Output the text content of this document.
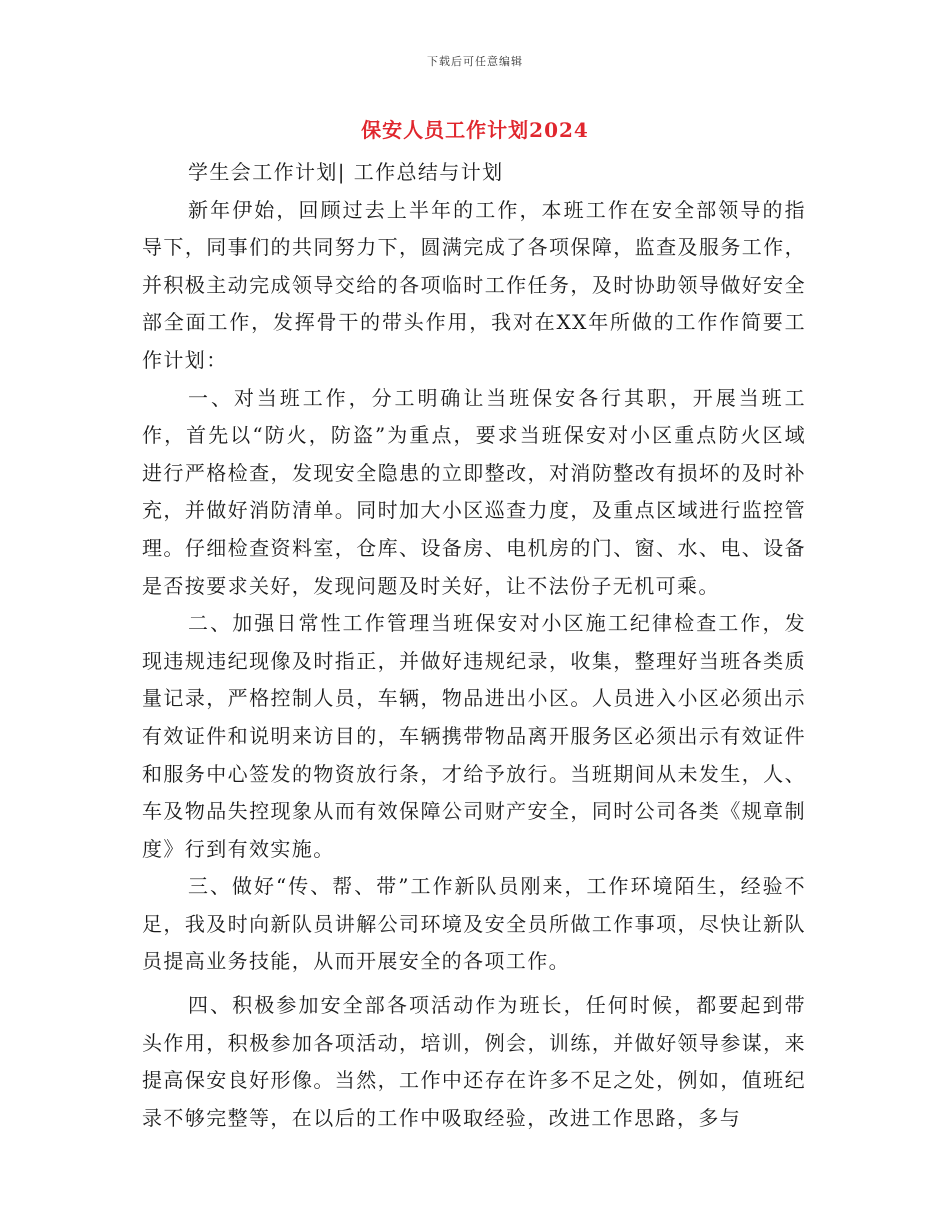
下载后可任意编辑
保安人员工作计划2024

学生会工作计划| 工作总结与计划

新年伊始，回顾过去上半年的工作，本班工作在安全部领导的指导下，同事们的共同努力下，圆满完成了各项保障，监查及服务工作，并积极主动完成领导交给的各项临时工作任务，及时协助领导做好安全部全面工作，发挥骨干的带头作用，我对在XX年所做的工作作简要工作计划：

一、对当班工作，分工明确让当班保安各行其职，开展当班工作，首先以“防火，防盗”为重点，要求当班保安对小区重点防火区域进行严格检查，发现安全隐患的立即整改，对消防整改有损坏的及时补充，并做好消防清单。同时加大小区巡查力度，及重点区域进行监控管理。仔细检查资料室，仓库、设备房、电机房的门、窗、水、电、设备是否按要求关好，发现问题及时关好，让不法份子无机可乘。

二、加强日常性工作管理当班保安对小区施工纪律检查工作，发现违规违纪现像及时指正，并做好违规纪录，收集，整理好当班各类质量记录，严格控制人员，车辆，物品进出小区。人员进入小区必须出示有效证件和说明来访目的，车辆携带物品离开服务区必须出示有效证件和服务中心签发的物资放行条，才给予放行。当班期间从未发生，人、车及物品失控现象从而有效保障公司财产安全，同时公司各类《规章制度》行到有效实施。

三、做好“传、帮、带”工作新队员刚来，工作环境陌生，经验不足，我及时向新队员讲解公司环境及安全员所做工作事项，尽快让新队员提高业务技能，从而开展安全的各项工作。

四、积极参加安全部各项活动作为班长，任何时候，都要起到带头作用，积极参加各项活动，培训，例会，训练，并做好领导参谋，来提高保安良好形像。当然，工作中还存在许多不足之处，例如，值班纪录不够完整等，在以后的工作中吸取经验，改进工作思路，多与
